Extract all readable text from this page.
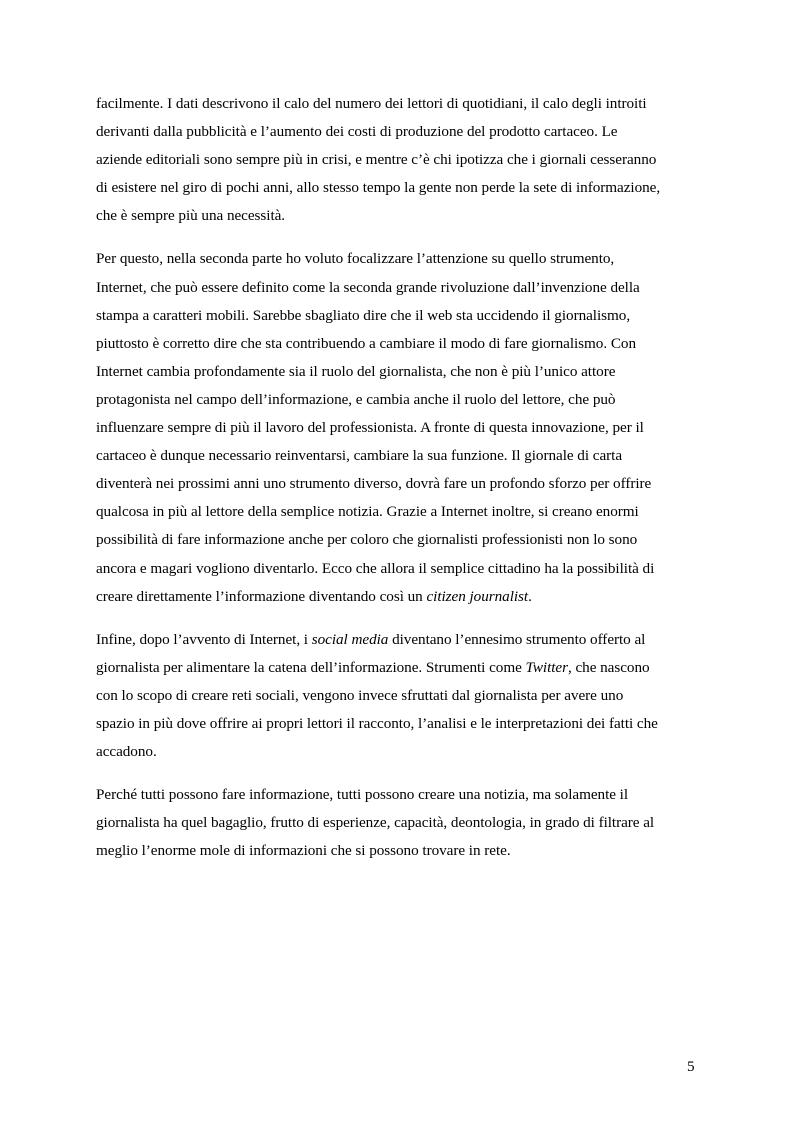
facilmente. I dati descrivono il calo del numero dei lettori di quotidiani, il calo degli introiti
derivanti dalla pubblicità e l’aumento dei costi di produzione del prodotto cartaceo. Le
aziende editoriali sono sempre più in crisi, e mentre c’è chi ipotizza che i giornali cesseranno
di esistere nel giro di pochi anni, allo stesso tempo la gente non perde la sete di informazione,
che è sempre più una necessità.

Per questo, nella seconda parte ho voluto focalizzare l’attenzione su quello strumento,
Internet, che può essere definito come la seconda grande rivoluzione dall’invenzione della
stampa a caratteri mobili. Sarebbe sbagliato dire che il web sta uccidendo il giornalismo,
piuttosto è corretto dire che sta contribuendo a cambiare il modo di fare giornalismo. Con
Internet cambia profondamente sia il ruolo del giornalista, che non è più l’unico attore
protagonista nel campo dell’informazione, e cambia anche il ruolo del lettore, che può
influenzare sempre di più il lavoro del professionista. A fronte di questa innovazione, per il
cartaceo è dunque necessario reinventarsi, cambiare la sua funzione. Il giornale di carta
diventerà nei prossimi anni uno strumento diverso, dovrà fare un profondo sforzo per offrire
qualcosa in più al lettore della semplice notizia. Grazie a Internet inoltre, si creano enormi
possibilità di fare informazione anche per coloro che giornalisti professionisti non lo sono
ancora e magari vogliono diventarlo. Ecco che allora il semplice cittadino ha la possibilità di
creare direttamente l’informazione diventando così un citizen journalist.

Infine, dopo l’avvento di Internet, i social media diventano l’ennesimo strumento offerto al
giornalista per alimentare la catena dell’informazione. Strumenti come Twitter, che nascono
con lo scopo di creare reti sociali, vengono invece sfruttati dal giornalista per avere uno
spazio in più dove offrire ai propri lettori il racconto, l’analisi e le interpretazioni dei fatti che
accadono.

Perché tutti possono fare informazione, tutti possono creare una notizia, ma solamente il
giornalista ha quel bagaglio, frutto di esperienze, capacità, deontologia, in grado di filtrare al
meglio l’enorme mole di informazioni che si possono trovare in rete.

5
